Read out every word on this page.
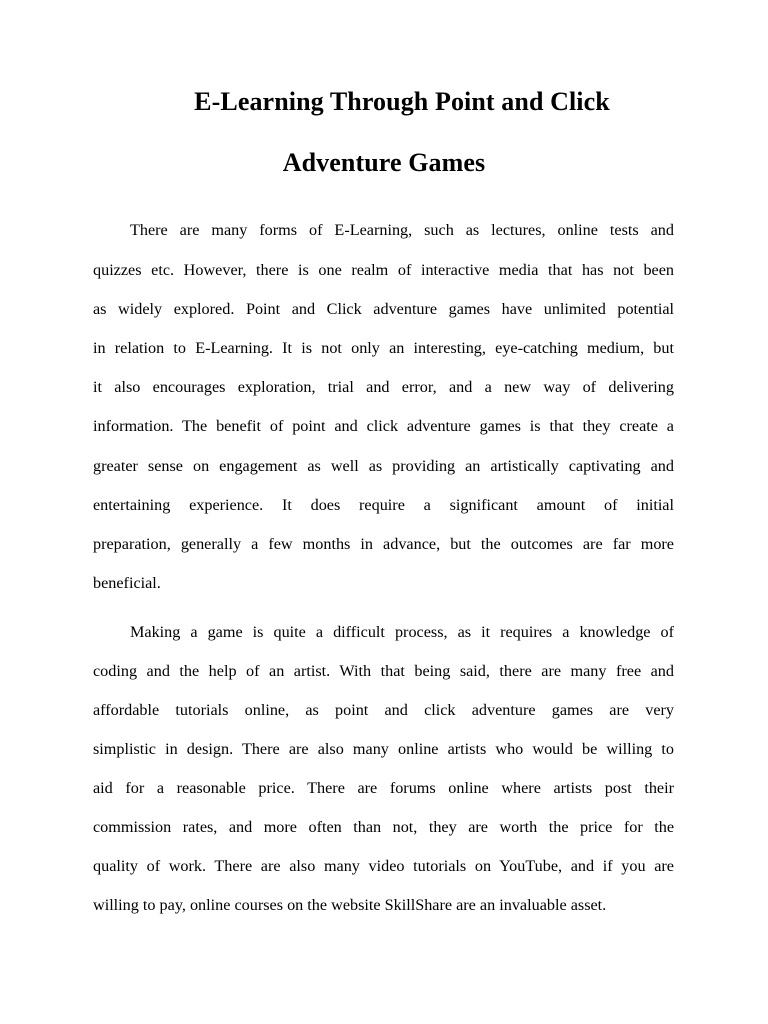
E-Learning Through Point and Click
Adventure Games

There are many forms of E-Learning, such as lectures, online tests and

quizzes etc. However, there is one realm of interactive media that has not been

as widely explored. Point and Click adventure games have unlimited potential

in relation to E-Learning. It is not only an interesting, eye-catching medium, but

it also encourages exploration, trial and error, and a new way of delivering

information. The benefit of point and click adventure games is that they create a

greater sense on engagement as well as providing an artistically captivating and

entertaining experience. It does require a significant amount of initial

preparation, generally a few months in advance, but the outcomes are far more

beneficial.

Making a game is quite a difficult process, as it requires a knowledge of

coding and the help of an artist. With that being said, there are many free and

affordable tutorials online, as point and click adventure games are very

simplistic in design. There are also many online artists who would be willing to

aid for a reasonable price. There are forums online where artists post their

commission rates, and more often than not, they are worth the price for the

quality of work. There are also many video tutorials on YouTube, and if you are

willing to pay, online courses on the website SkillShare are an invaluable asset.
